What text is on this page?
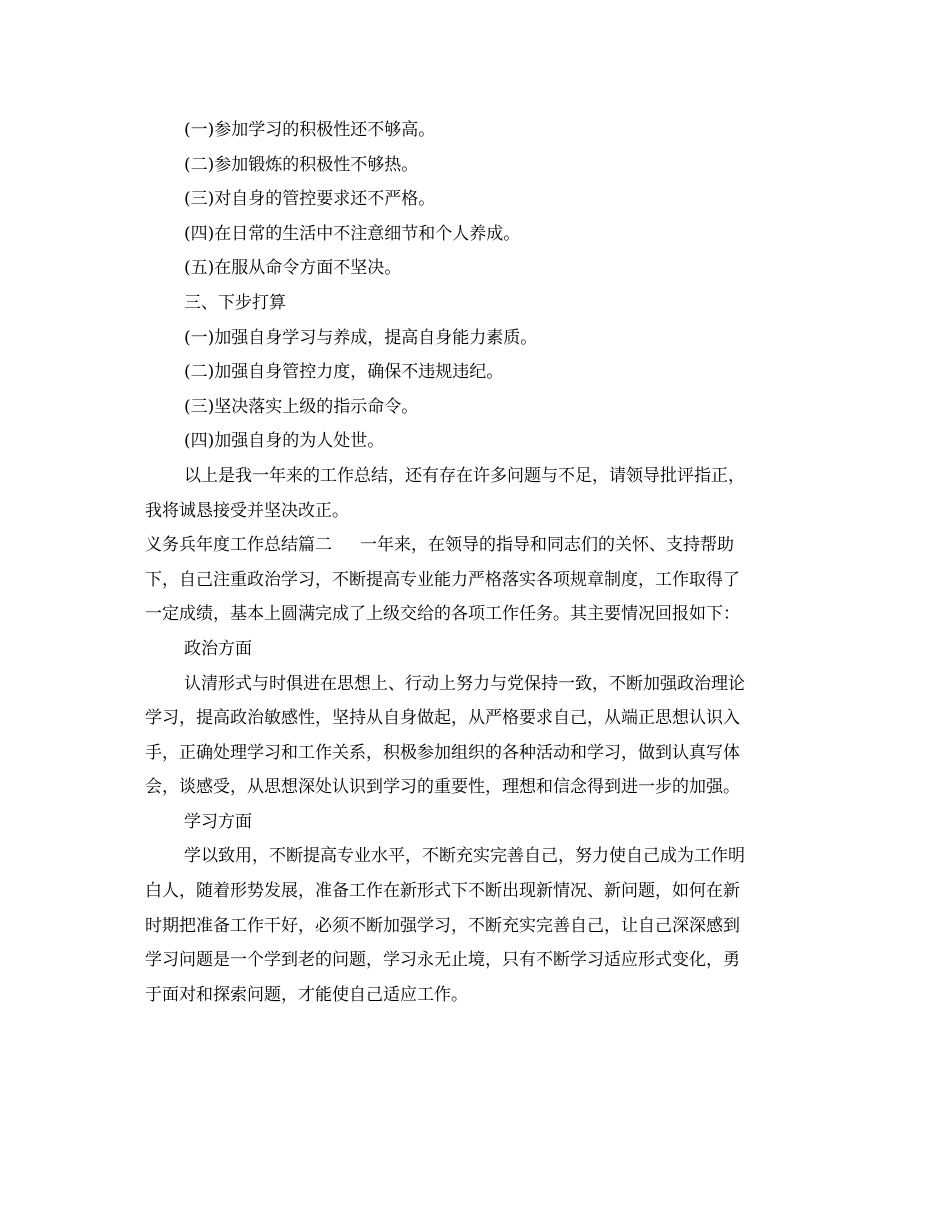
(一)参加学习的积极性还不够高。

(二)参加锻炼的积极性不够热。

(三)对自身的管控要求还不严格。

(四)在日常的生活中不注意细节和个人养成。

(五)在服从命令方面不坚决。

三、下步打算

(一)加强自身学习与养成，提高自身能力素质。

(二)加强自身管控力度，确保不违规违纪。

(三)坚决落实上级的指示命令。

(四)加强自身的为人处世。

以上是我一年来的工作总结，还有存在许多问题与不足，请领导批评指正，

我将诚恳接受并坚决改正。

义务兵年度工作总结篇二 一年来，在领导的指导和同志们的关怀、支持帮助

下，自己注重政治学习，不断提高专业能力严格落实各项规章制度，工作取得了

一定成绩，基本上圆满完成了上级交给的各项工作任务。其主要情况回报如下：

政治方面

认清形式与时俱进在思想上、行动上努力与党保持一致，不断加强政治理论

学习，提高政治敏感性，坚持从自身做起，从严格要求自己，从端正思想认识入

手，正确处理学习和工作关系，积极参加组织的各种活动和学习，做到认真写体

会，谈感受，从思想深处认识到学习的重要性，理想和信念得到进一步的加强。

学习方面

学以致用，不断提高专业水平，不断充实完善自己，努力使自己成为工作明

白人，随着形势发展，准备工作在新形式下不断出现新情况、新问题，如何在新

时期把准备工作干好，必须不断加强学习，不断充实完善自己，让自己深深感到

学习问题是一个学到老的问题，学习永无止境，只有不断学习适应形式变化，勇

于面对和探索问题，才能使自己适应工作。
